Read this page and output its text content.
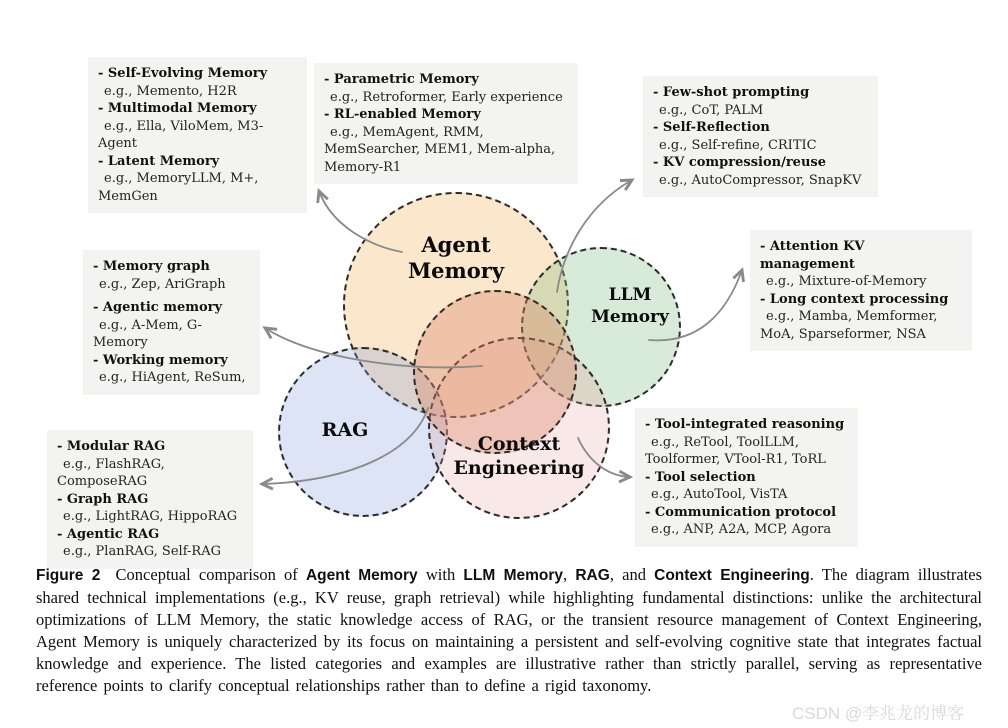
Agent
Memory
LLM
Memory
RAG
Context
Engineering
- Self-Evolving Memory
e.g., Memento, H2R
- Multimodal Memory
e.g., Ella, ViloMem, M3-Agent
- Latent Memory
e.g., MemoryLLM, M+, MemGen
- Parametric Memory
e.g., Retroformer, Early experience
- RL-enabled Memory
e.g., MemAgent, RMM, MemSearcher, MEM1, Mem-alpha, Memory-R1
- Few-shot prompting
e.g., CoT, PALM
- Self-Reflection
e.g., Self-refine, CRITIC
- KV compression/reuse
e.g., AutoCompressor, SnapKV
- Attention KV management
e.g., Mixture-of-Memory
- Long context processing
e.g., Mamba, Memformer, MoA, Sparseformer, NSA
- Memory graph
e.g., Zep, AriGraph
- Agentic memory
e.g., A-Mem, G-Memory
- Working memory
e.g., HiAgent, ReSum,
- Modular RAG
e.g., FlashRAG, ComposeRAG
- Graph RAG
e.g., LightRAG, HippoRAG
- Agentic RAG
e.g., PlanRAG, Self-RAG
- Tool-integrated reasoning
e.g., ReTool, ToolLLM, Toolformer, VTool-R1, ToRL
- Tool selection
e.g., AutoTool, VisTA
- Communication protocol
e.g., ANP, A2A, MCP, Agora

Figure 2 Conceptual comparison of Agent Memory with LLM Memory, RAG, and Context Engineering. The diagram illustrates shared technical implementations (e.g., KV reuse, graph retrieval) while highlighting fundamental distinctions: unlike the architectural optimizations of LLM Memory, the static knowledge access of RAG, or the transient resource management of Context Engineering, Agent Memory is uniquely characterized by its focus on maintaining a persistent and self-evolving cognitive state that integrates factual knowledge and experience. The listed categories and examples are illustrative rather than strictly parallel, serving as representative reference points to clarify conceptual relationships rather than to define a rigid taxonomy.

CSDN @李兆龙的博客
